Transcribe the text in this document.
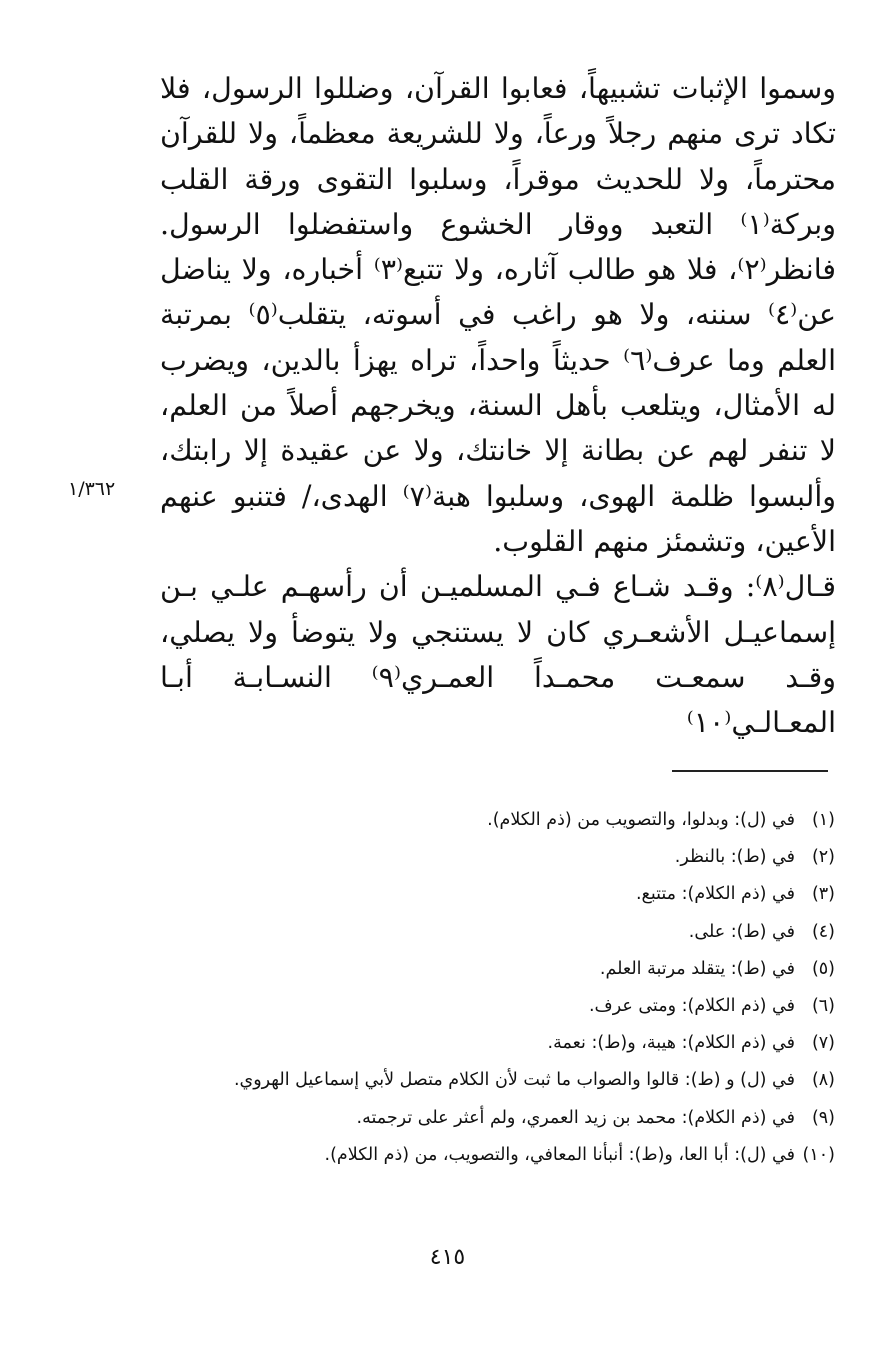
وسموا الإثبات تشبيهاً، فعابوا القرآن، وضللوا الرسول، فلا تكاد ترى منهم رجلاً ورعاً، ولا للشريعة معظماً، ولا للقرآن محترماً، ولا للحديث موقراً، وسلبوا التقوى ورقة القلب وبركة⁽١⁾ التعبد ووقار الخشوع واستفضلوا الرسول. فانظر⁽٢⁾، فلا هو طالب آثاره، ولا تتبع⁽٣⁾ أخباره، ولا يناضل عن⁽٤⁾ سننه، ولا هو راغب في أسوته، يتقلب⁽٥⁾ بمرتبة العلم وما عرف⁽٦⁾ حديثاً واحداً، تراه يهزأ بالدين، ويضرب له الأمثال، ويتلعب بأهل السنة، ويخرجهم أصلاً من العلم، لا تنفر لهم عن بطانة إلا خانتك، ولا عن عقيدة إلا رابتك، وألبسوا ظلمة الهوى، وسلبوا هبة⁽٧⁾ الهدى،/ فتنبو عنهم الأعين، وتشمئز منهم القلوب.

قـال⁽٨⁾: وقـد شـاع فـي المسلميـن أن رأسهـم علـي بـن إسماعيـل الأشعـري كان لا يستنجي ولا يتوضأ ولا يصلي، وقـد سمعـت محمـداً العمـري⁽٩⁾ النسـابـة أبـا المعـالـي⁽١٠⁾

١/٣٦٢
(١)
في (ل): وبدلوا، والتصويب من (ذم الكلام).
(٢)
في (ط): بالنظر.
(٣)
في (ذم الكلام): متتبع.
(٤)
في (ط): على.
(٥)
في (ط): يتقلد مرتبة العلم.
(٦)
في (ذم الكلام): ومتى عرف.
(٧)
في (ذم الكلام): هيبة، و(ط): نعمة.
(٨)
في (ل) و (ط): قالوا والصواب ما ثبت لأن الكلام متصل لأبي إسماعيل الهروي.
(٩)
في (ذم الكلام): محمد بن زيد العمري، ولم أعثر على ترجمته.
(١٠)
في (ل): أبا العا، و(ط): أنبأنا المعافي، والتصويب، من (ذم الكلام).
٤١٥
